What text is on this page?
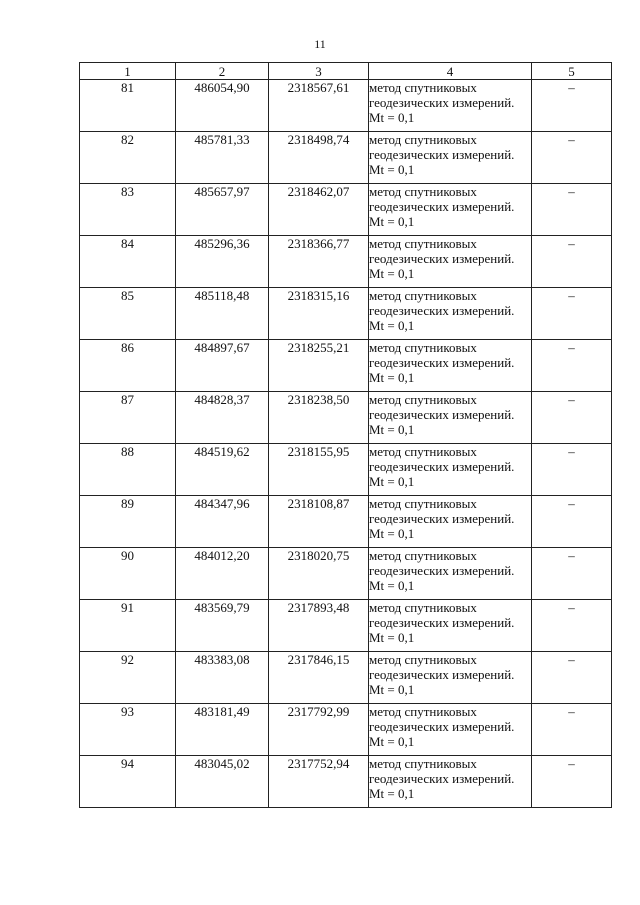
11
1	2	3	4	5
81	486054,90	2318567,61	метод спутниковых геодезических измерений. Mt = 0,1	–
82	485781,33	2318498,74	метод спутниковых геодезических измерений. Mt = 0,1	–
83	485657,97	2318462,07	метод спутниковых геодезических измерений. Mt = 0,1	–
84	485296,36	2318366,77	метод спутниковых геодезических измерений. Mt = 0,1	–
85	485118,48	2318315,16	метод спутниковых геодезических измерений. Mt = 0,1	–
86	484897,67	2318255,21	метод спутниковых геодезических измерений. Mt = 0,1	–
87	484828,37	2318238,50	метод спутниковых геодезических измерений. Mt = 0,1	–
88	484519,62	2318155,95	метод спутниковых геодезических измерений. Mt = 0,1	–
89	484347,96	2318108,87	метод спутниковых геодезических измерений. Mt = 0,1	–
90	484012,20	2318020,75	метод спутниковых геодезических измерений. Mt = 0,1	–
91	483569,79	2317893,48	метод спутниковых геодезических измерений. Mt = 0,1	–
92	483383,08	2317846,15	метод спутниковых геодезических измерений. Mt = 0,1	–
93	483181,49	2317792,99	метод спутниковых геодезических измерений. Mt = 0,1	–
94	483045,02	2317752,94	метод спутниковых геодезических измерений. Mt = 0,1	–
